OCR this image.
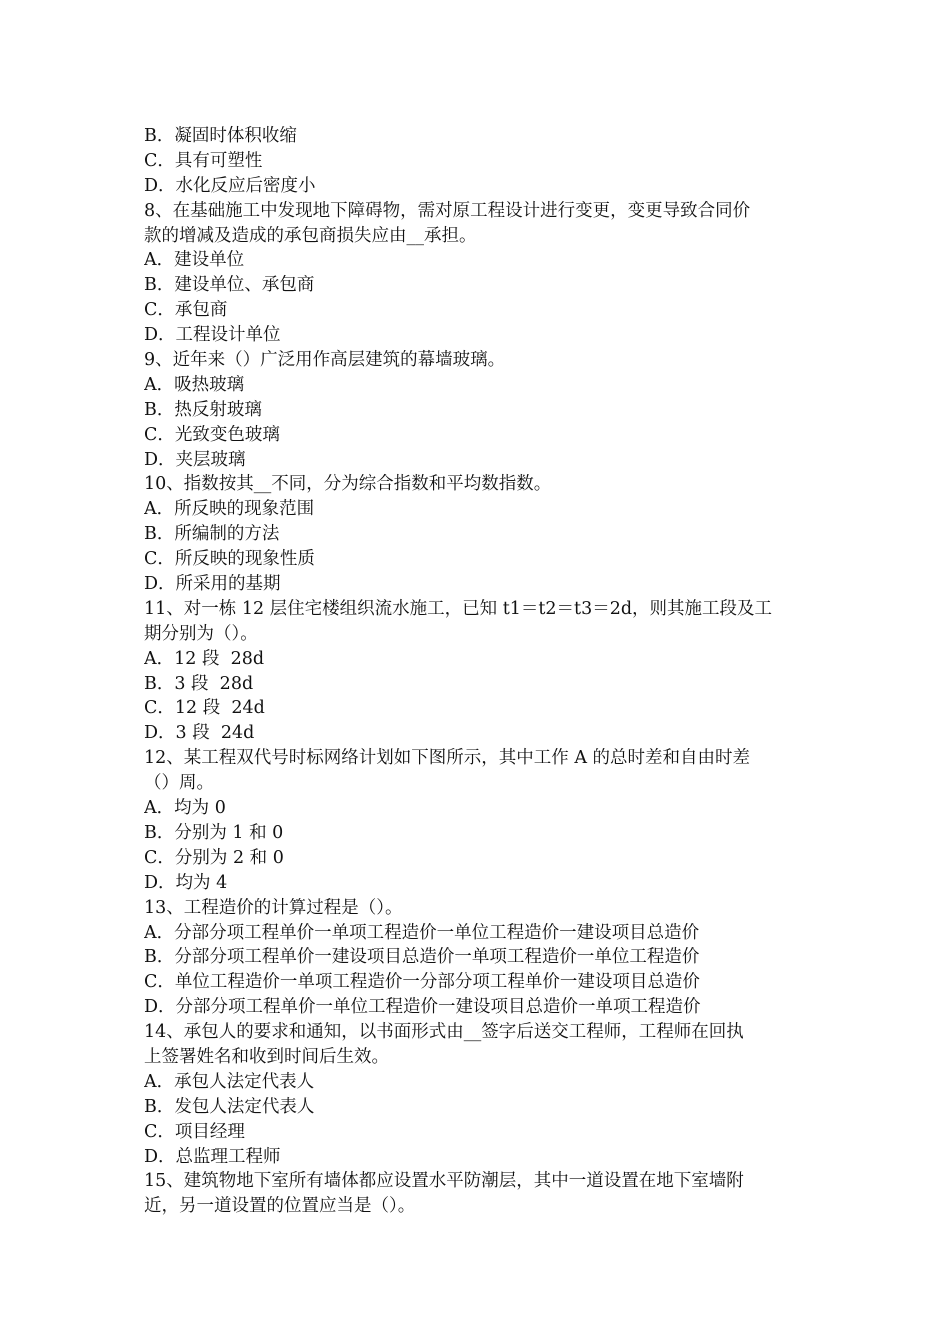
B．凝固时体积收缩
C．具有可塑性
D．水化反应后密度小
8、在基础施工中发现地下障碍物，需对原工程设计进行变更，变更导致合同价
款的增减及造成的承包商损失应由__承担。
A．建设单位
B．建设单位、承包商
C．承包商
D．工程设计单位
9、近年来（）广泛用作高层建筑的幕墙玻璃。
A．吸热玻璃
B．热反射玻璃
C．光致变色玻璃
D．夹层玻璃
10、指数按其__不同，分为综合指数和平均数指数。
A．所反映的现象范围
B．所编制的方法
C．所反映的现象性质
D．所采用的基期
11、对一栋 12 层住宅楼组织流水施工，已知 t1＝t2＝t3＝2d，则其施工段及工
期分别为（）。
A．12 段  28d
B．3 段  28d
C．12 段  24d
D．3 段  24d
12、某工程双代号时标网络计划如下图所示，其中工作 A 的总时差和自由时差
（）周。
A．均为 0
B．分别为 1 和 0
C．分别为 2 和 0
D．均为 4
13、工程造价的计算过程是（）。
A．分部分项工程单价一单项工程造价一单位工程造价一建设项目总造价
B．分部分项工程单价一建设项目总造价一单项工程造价一单位工程造价
C．单位工程造价一单项工程造价一分部分项工程单价一建设项目总造价
D．分部分项工程单价一单位工程造价一建设项目总造价一单项工程造价
14、承包人的要求和通知，以书面形式由__签字后送交工程师，工程师在回执
上签署姓名和收到时间后生效。
A．承包人法定代表人
B．发包人法定代表人
C．项目经理
D．总监理工程师
15、建筑物地下室所有墙体都应设置水平防潮层，其中一道设置在地下室墙附
近，另一道设置的位置应当是（）。
